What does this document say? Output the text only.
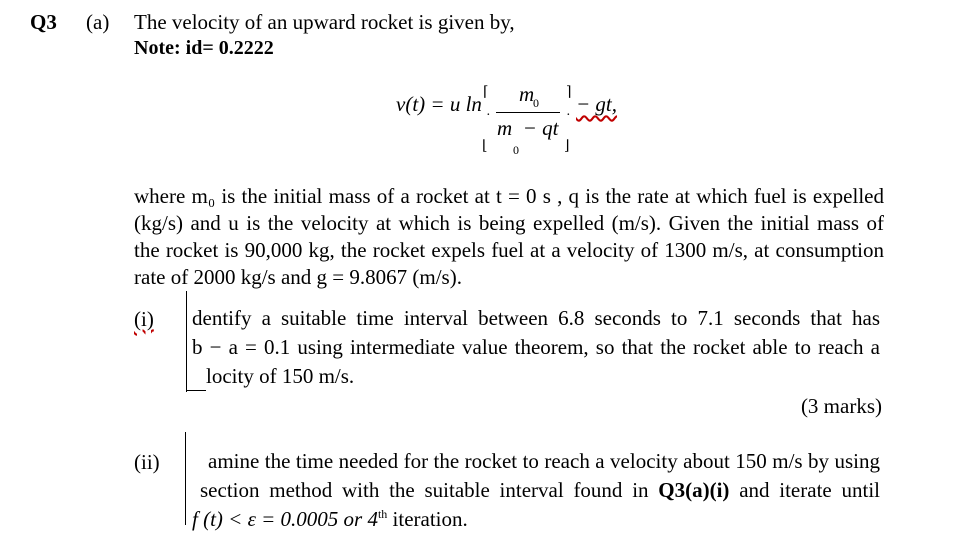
Q3 (a) The velocity of an upward rocket is given by,
Note: id= 0.2222
v(t) = u ln ⌈
·
⌊
⌉
·
⌋
m
0
m  − qt
0
− gt,
where m₀ is the initial mass of a rocket at t = 0 s , q is the rate at which fuel is expelled
(kg/s) and u is the velocity at which is being expelled (m/s). Given the initial mass of
the rocket is 90,000 kg, the rocket expels fuel at a velocity of 1300 m/s, at consumption
rate of 2000 kg/s and g = 9.8067 (m/s).
(i) dentify a suitable time interval between 6.8 seconds to 7.1 seconds that has
b − a = 0.1 using intermediate value theorem, so that the rocket able to reach a
locity of 150 m/s.
(3 marks)
(ii)	amine the time needed for the rocket to reach a velocity about 150 m/s by using
section method with the suitable interval found in Q3(a)(i) and iterate until
f (t) < ε = 0.0005 or 4th iteration.
